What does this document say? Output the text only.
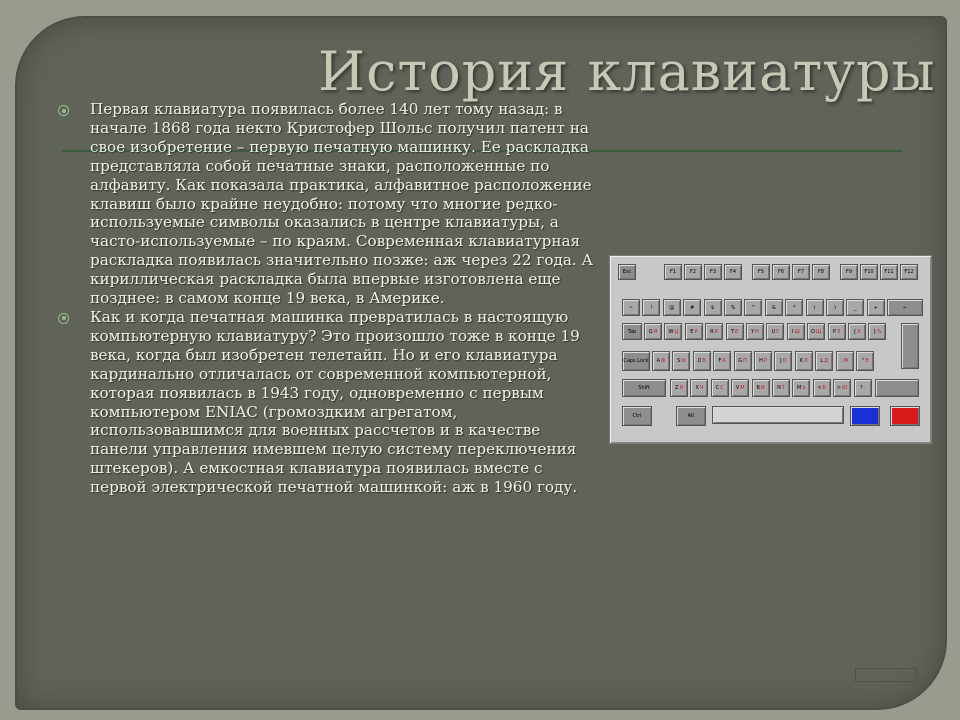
История клавиатуры
Первая клавиатура появилась более 140 лет тому назад: в начале 1868 года некто Кристофер Шольс получил патент на свое изобретение – первую печатную машинку. Ее раскладка представляла собой печатные знаки, расположенные по алфавиту. Как показала практика, алфавитное расположение клавиш было крайне неудобно: потому что многие редко-используемые символы оказались в центре клавиатуры, а часто-используемые – по краям. Современная клавиатурная раскладка появилась значительно позже: аж через 22 года. А кириллическая раскладка была впервые изготовлена еще позднее: в самом конце 19 века, в Америке.
Как и когда печатная машинка превратилась в настоящую компьютерную клавиатуру? Это произошло тоже в конце 19 века, когда был изобретен телетайп. Но и его клавиатура кардинально отличалась от современной компьютерной, которая появилась в 1943 году, одновременно с первым компьютером ENIAC (громоздким агрегатом, использовавшимся для военных рассчетов и в качестве панели управления имевшем целую систему переключения штекеров). А емкостная клавиатура появилась вместе с первой электрической печатной машинкой: аж в 1960 году.
Esc	F1	F2	F3	F4	F5	F6	F7	F8	F9 F10 F11 F12
~	!	@	#	$	%	^	&	*	(	)	_	+	←
Tab Q Й W Ц E У	R К	T Е	Y Н	U Г	I Ш O Щ P З	{ Х } Ъ
Caps Lock A Ф S Ы D В	F А G П H Р	J О	K Л	L Д	: Ж	" Э
Shift	Z Я	X Ч C С V М B И N Т M Ь < Б > Ю ? ,
Ctrl	Alt
